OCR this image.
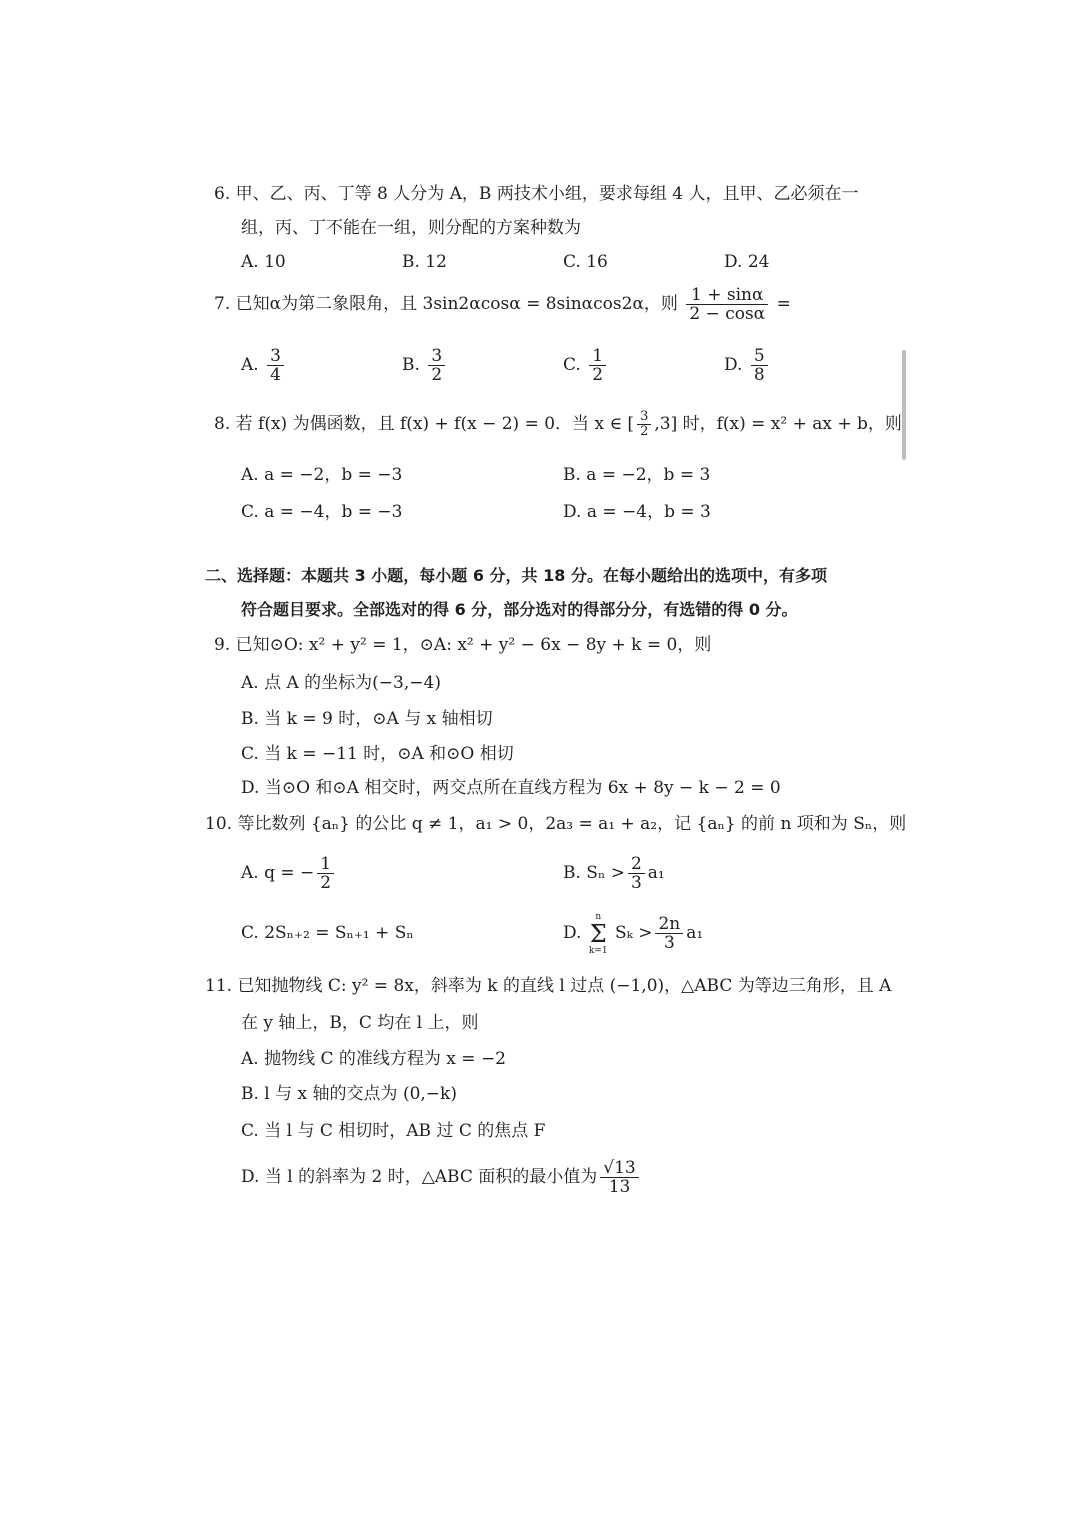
6. 甲、乙、丙、丁等 8 人分为 A，B 两技术小组，要求每组 4 人，且甲、乙必须在一
组，丙、丁不能在一组，则分配的方案种数为
A. 10	B. 12	C. 16	D. 24
7. 已知α为第二象限角，且 3sin2αcosα = 8sinαcos2α，则 $\frac{1 + \sin\alpha}{2 - \cos\alpha}$ =
A. $\frac{3}{4}$	B. $\frac{3}{2}$	C. $\frac{1}{2}$	D. $\frac{5}{8}$
8. 若 f(x) 为偶函数，且 f(x) + f(x − 2) = 0．当 x ∈ [ $\frac{3}{2} ,3$] 时，f(x) = x² + ax + b，则
A. a = −2，b = −3	B. a = −2，b = 3
C. a = −4，b = −3	D. a = −4，b = 3
二、选择题：本题共 3 小题，每小题 6 分，共 18 分。在每小题给出的选项中，有多项
符合题目要求。全部选对的得 6 分，部分选对的得部分分，有选错的得 0 分。
9. 已知⊙O: x² + y² = 1，⊙A: x² + y² − 6x − 8y + k = 0，则
A. 点 A 的坐标为(−3,−4)
B. 当 k = 9 时，⊙A 与 x 轴相切
C. 当 k = −11 时，⊙A 和⊙O 相切
D. 当⊙O 和⊙A 相交时，两交点所在直线方程为 6x + 8y − k − 2 = 0
10. 等比数列 {aₙ} 的公比 q ≠ 1，a₁ > 0，2a₃ = a₁ + a₂，记 {aₙ} 的前 n 项和为 Sₙ，则
A. q = − $\frac{1}{2}$	B. $S_n > \frac{2}{3} a_1$
C. 2Sₙ₊₂ = Sₙ₊₁ + Sₙ	D.
n
Σ
k=1
$S_k > \frac{2n}{3} a_1$
11. 已知抛物线 C: y² = 8x，斜率为 k 的直线 l 过点 (−1,0)，△ABC 为等边三角形，且 A
在 y 轴上，B，C 均在 l 上，则
A. 抛物线 C 的准线方程为 x = −2
B. l 与 x 轴的交点为 (0,−k)
C. 当 l 与 C 相切时，AB 过 C 的焦点 F
D. 当 l 的斜率为 2 时，△ABC 面积的最小值为 $\frac{√13}{13}$
